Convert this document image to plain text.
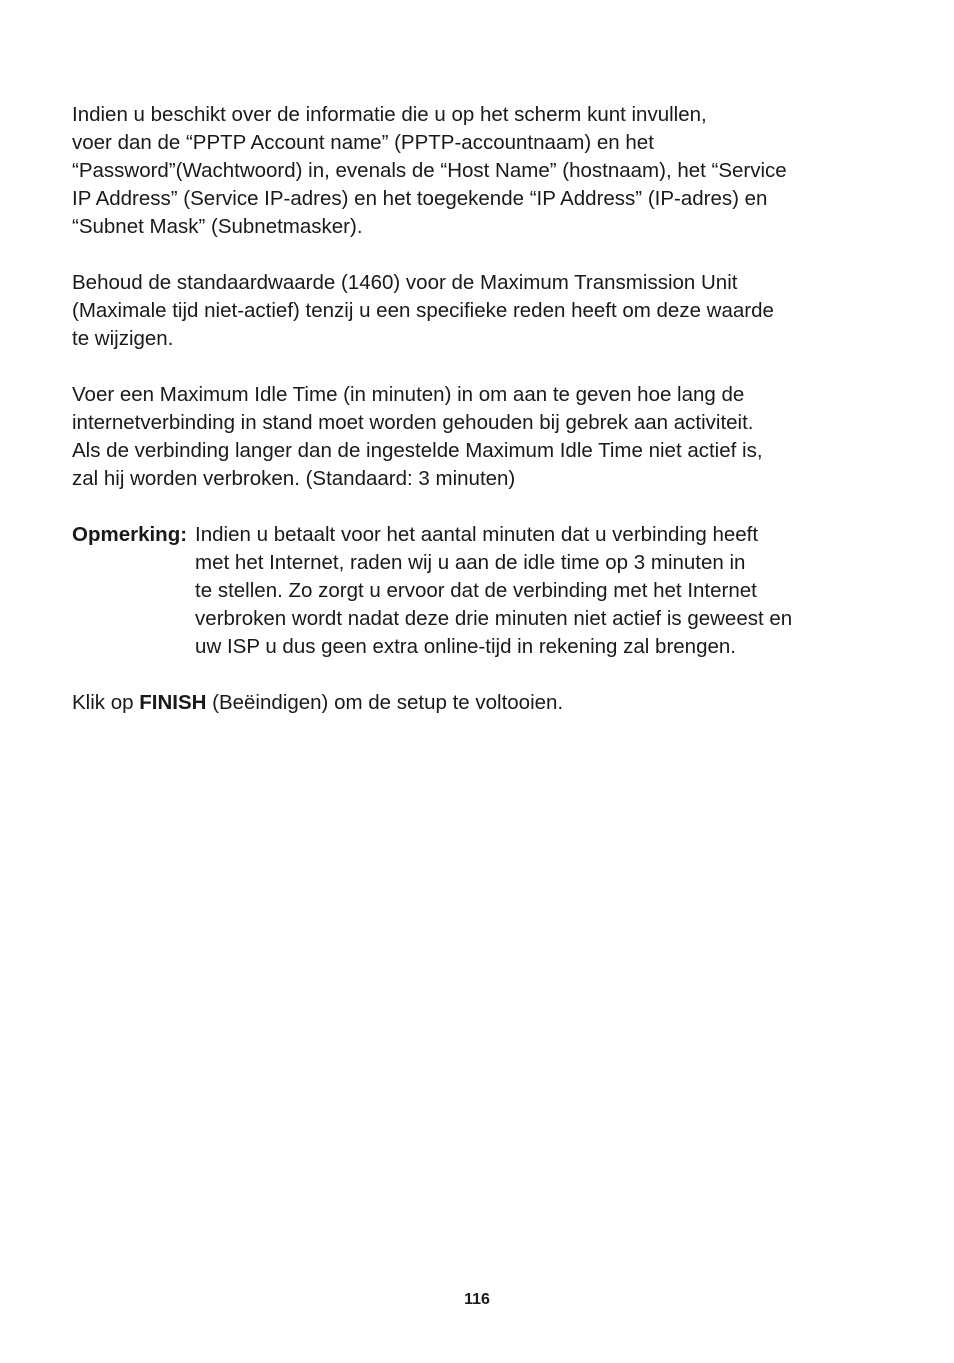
Indien u beschikt over de informatie die u op het scherm kunt invullen,
voer dan de “PPTP Account name” (PPTP-accountnaam) en het
“Password”(Wachtwoord) in, evenals de “Host Name” (hostnaam), het “Service
IP Address” (Service IP-adres) en het toegekende “IP Address” (IP-adres) en
“Subnet Mask” (Subnetmasker).

Behoud de standaardwaarde (1460) voor de Maximum Transmission Unit
(Maximale tijd niet-actief) tenzij u een specifieke reden heeft om deze waarde
te wijzigen.

Voer een Maximum Idle Time (in minuten) in om aan te geven hoe lang de
internetverbinding in stand moet worden gehouden bij gebrek aan activiteit.
Als de verbinding langer dan de ingestelde Maximum Idle Time niet actief is,
zal hij worden verbroken. (Standaard: 3 minuten)

Opmerking: Indien u betaalt voor het aantal minuten dat u verbinding heeft
met het Internet, raden wij u aan de idle time op 3 minuten in
te stellen. Zo zorgt u ervoor dat de verbinding met het Internet
verbroken wordt nadat deze drie minuten niet actief is geweest en
uw ISP u dus geen extra online-tijd in rekening zal brengen.

Klik op FINISH (Beëindigen) om de setup te voltooien.

116
